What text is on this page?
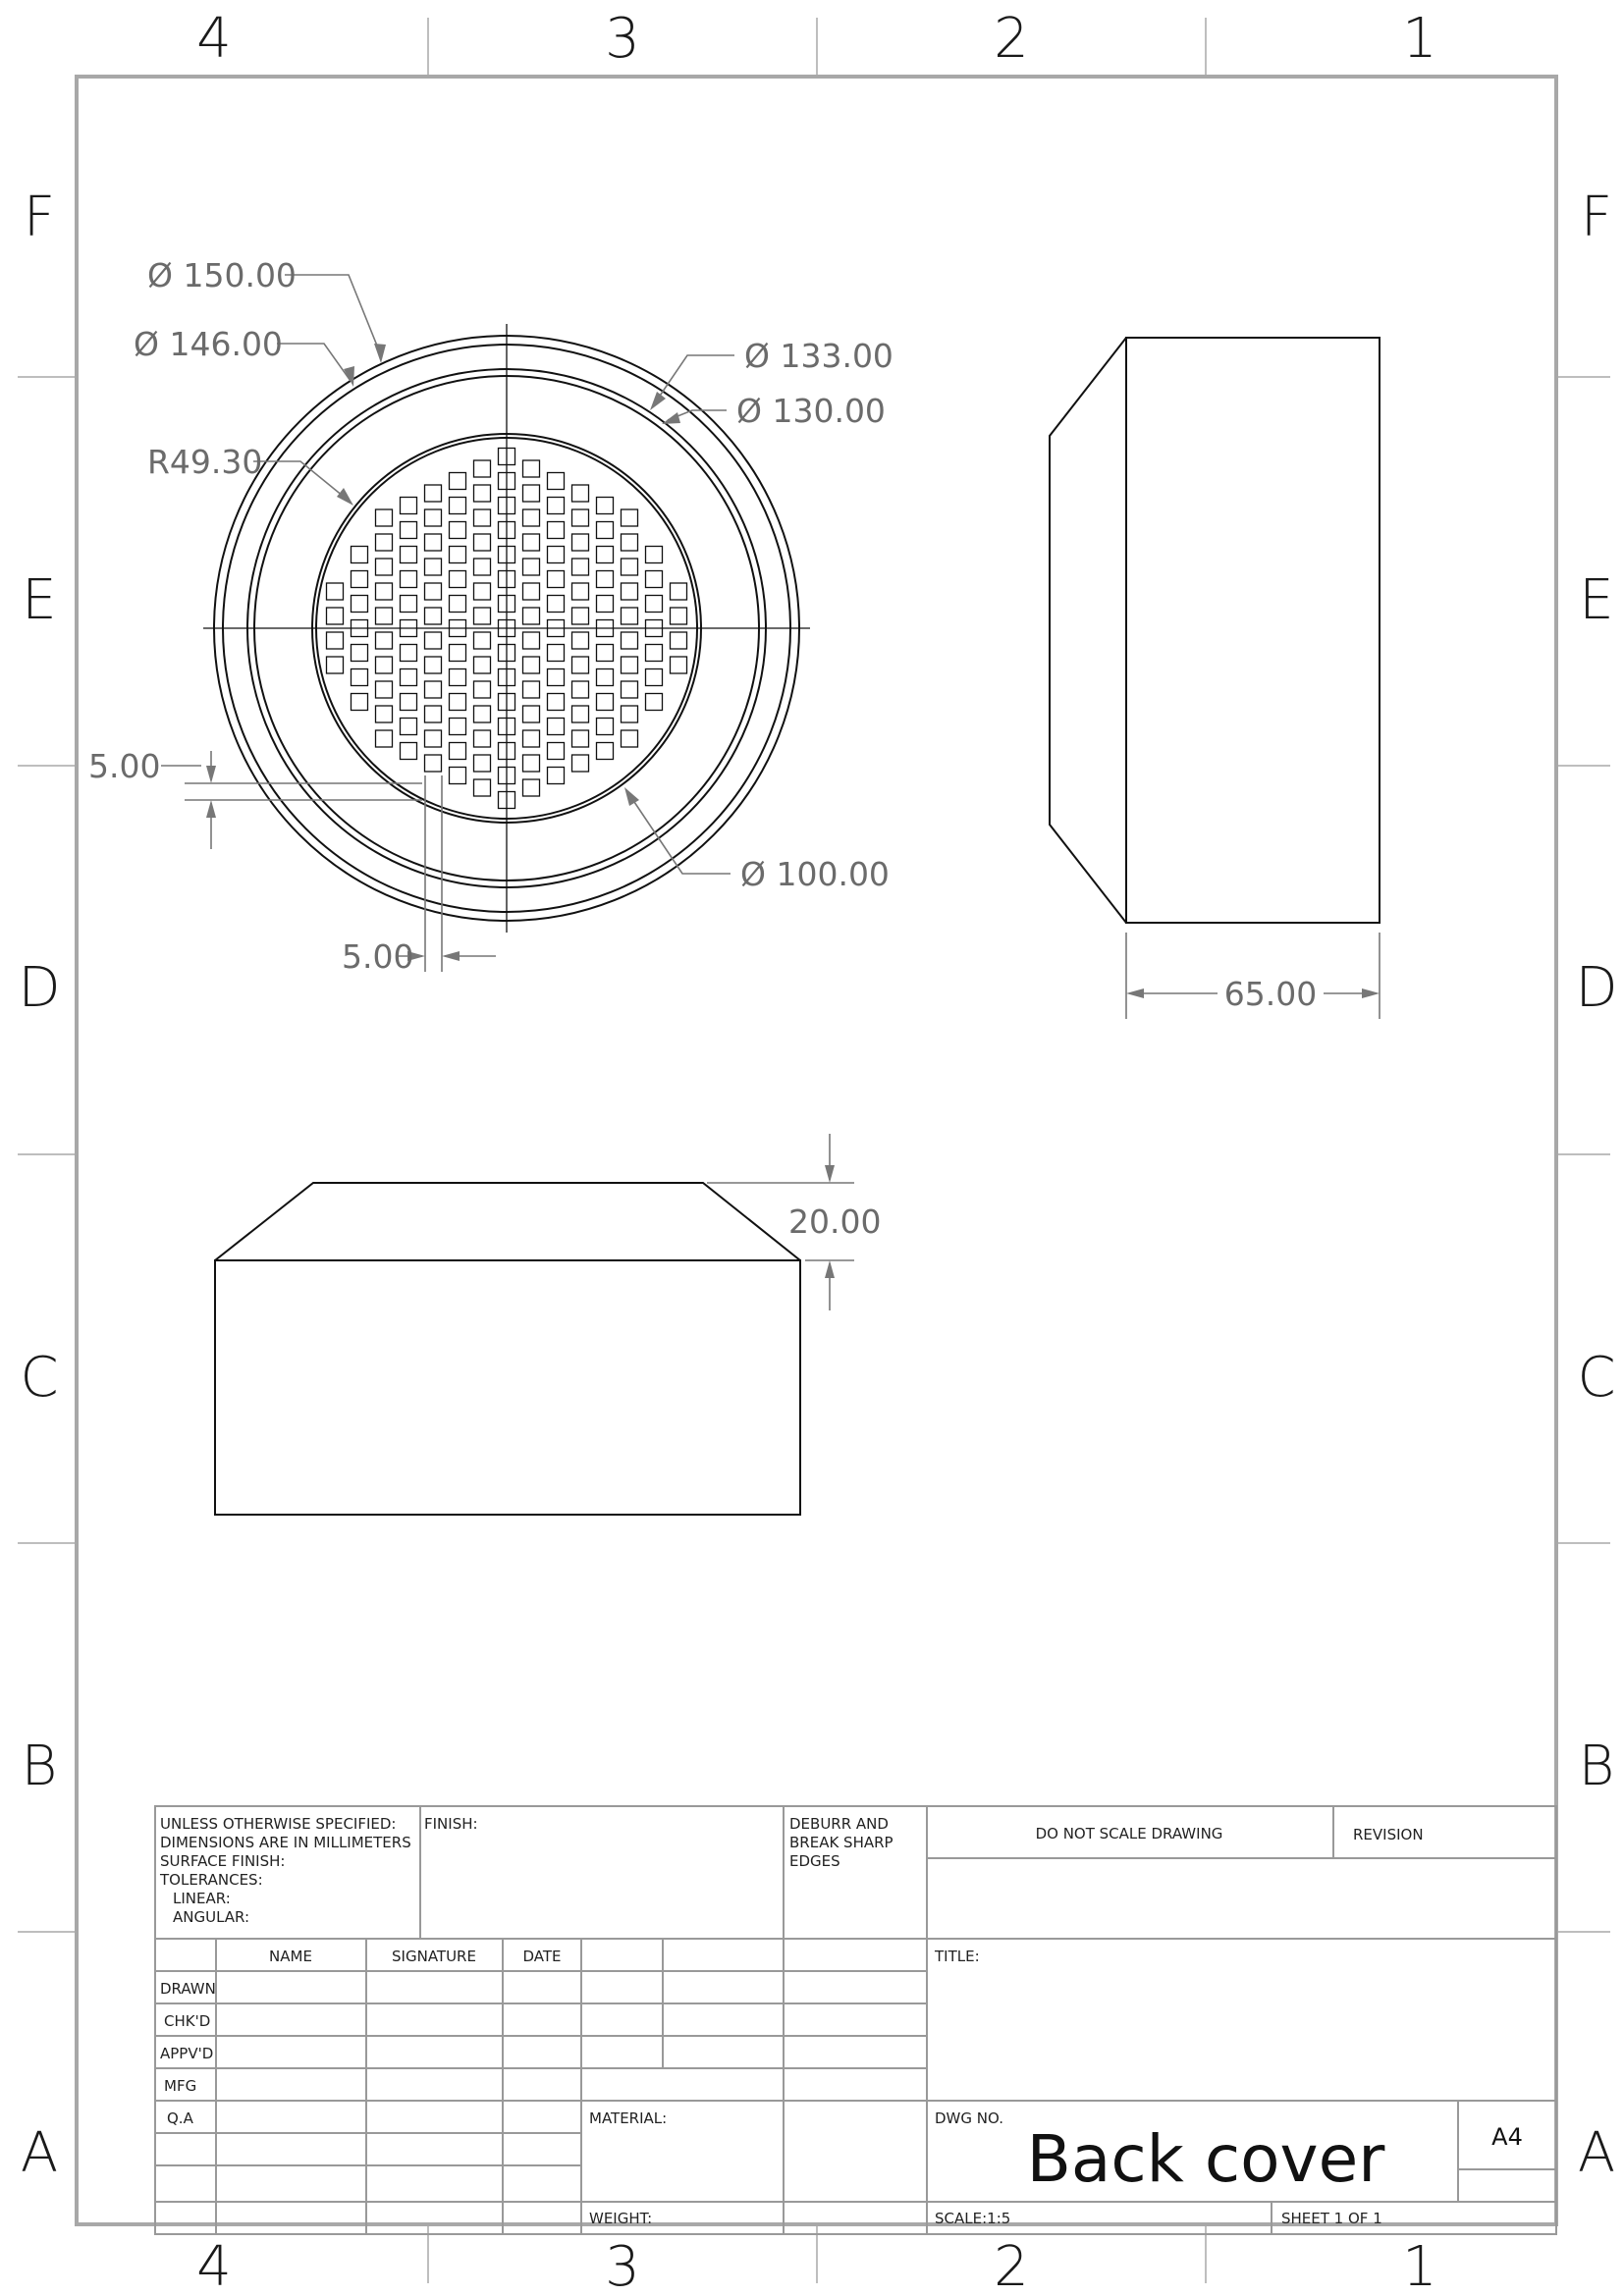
4	3	2	1
4	3	2	1
F
E
D
C
B
A
F
E
D
C
B
A
Ø 150.00
Ø 146.00	Ø 133.00
Ø 130.00
R49.30
Ø 100.00
5.00
5.00
65.00
20.00
UNLESS OTHERWISE SPECIFIED:
DIMENSIONS ARE IN MILLIMETERS
SURFACE FINISH:
TOLERANCES:
LINEAR:
ANGULAR:
FINISH:	DEBURR AND
BREAK SHARP
EDGES
DO NOT SCALE DRAWING	REVISION
NAME	SIGNATURE	DATE
DRAWN
CHK'D
APPV'D
MFG
Q.A
TITLE:
MATERIAL:
WEIGHT:
DWG NO.
Back cover	A4
SCALE:1:5	SHEET 1 OF 1
